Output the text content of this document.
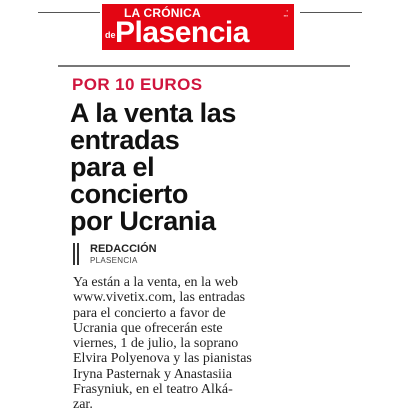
LA CRÓNICA
de Plasencia
▪
▪▪▪
POR 10 EUROS
A la venta las
entradas
para el
concierto
por Ucrania
REDACCIÓN
PLASENCIA
Ya están a la venta, en la web
www.vivetix.com, las entradas
para el concierto a favor de
Ucrania que ofrecerán este
viernes, 1 de julio, la soprano
Elvira Polyenova y las pianistas
Iryna Pasternak y Anastasiia
Frasyniuk, en el teatro Alká-
zar.
